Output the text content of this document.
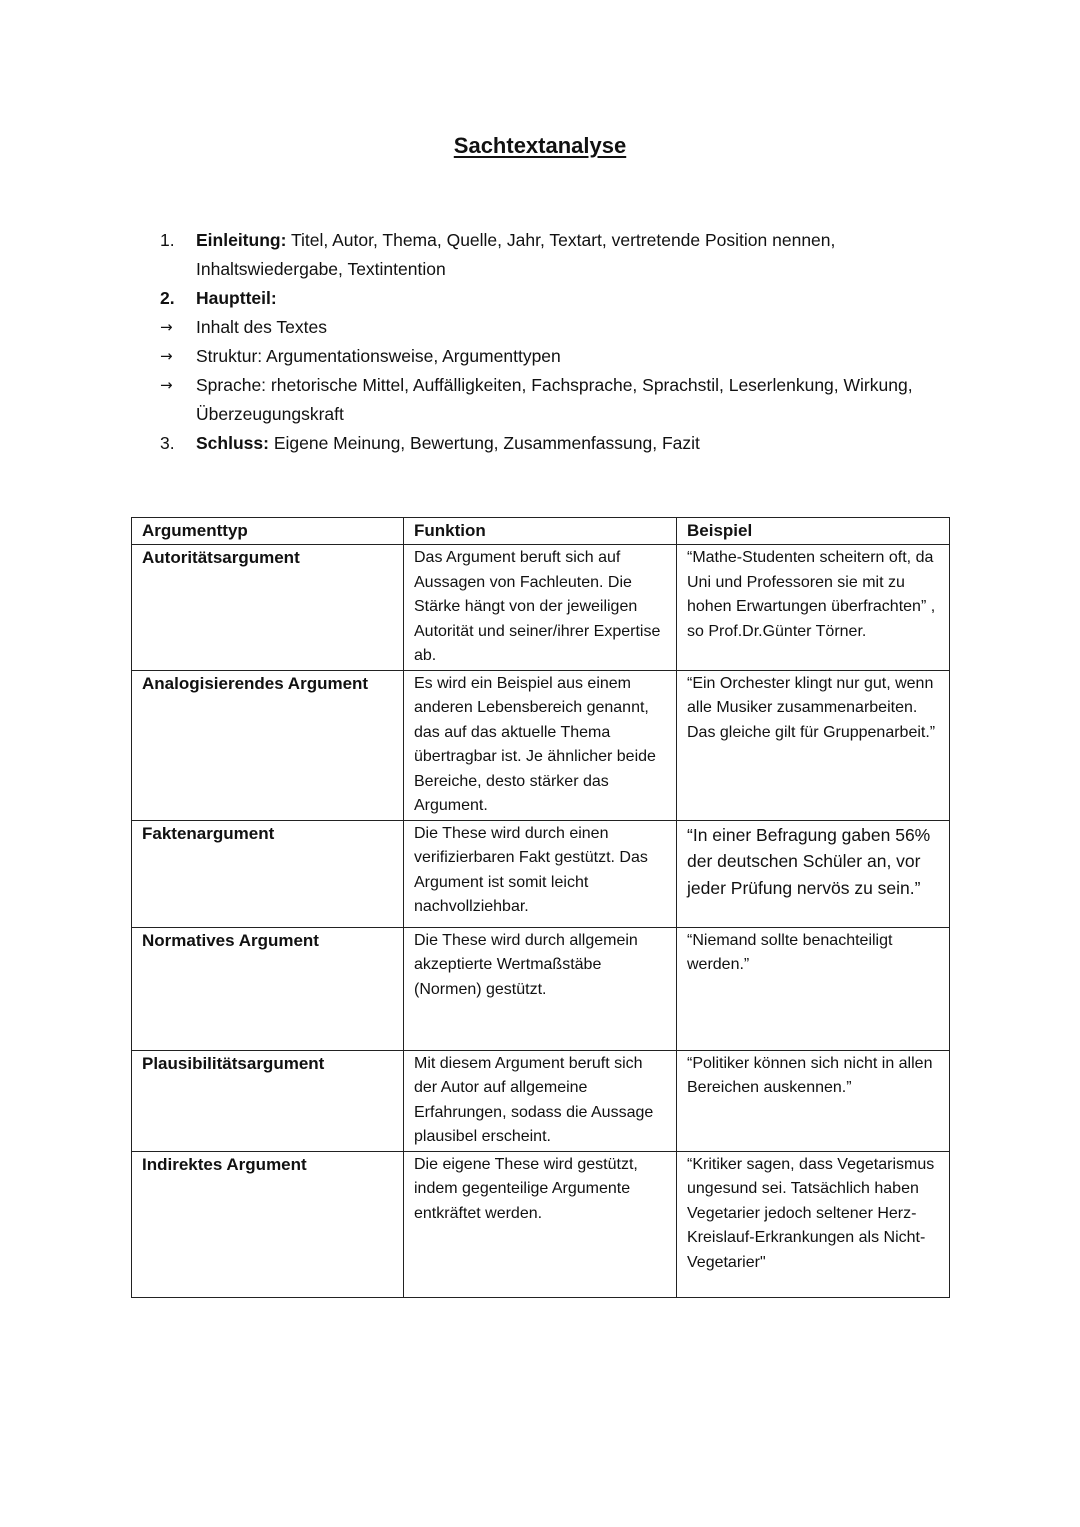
Sachtextanalyse
1.	Einleitung: Titel, Autor, Thema, Quelle, Jahr, Textart, vertretende Position nennen, Inhaltswiedergabe, Textintention
2.	Hauptteil:
→	Inhalt des Textes
→	Struktur: Argumentationsweise, Argumenttypen
→	Sprache: rhetorische Mittel, Auffälligkeiten, Fachsprache, Sprachstil, Leserlenkung, Wirkung, Überzeugungskraft
3.	Schluss: Eigene Meinung, Bewertung, Zusammenfassung, Fazit
Argumenttyp	Funktion	Beispiel
Autoritätsargument	Das Argument beruft sich auf Aussagen von Fachleuten. Die Stärke hängt von der jeweiligen Autorität und seiner/ihrer Expertise ab.	“Mathe-Studenten scheitern oft, da Uni und Professoren sie mit zu hohen Erwartungen überfrachten” , so Prof.Dr.Günter Törner.
Analogisierendes Argument	Es wird ein Beispiel aus einem anderen Lebensbereich genannt, das auf das aktuelle Thema übertragbar ist. Je ähnlicher beide Bereiche, desto stärker das Argument.	“Ein Orchester klingt nur gut, wenn alle Musiker zusammenarbeiten. Das gleiche gilt für Gruppenarbeit.”
Faktenargument	Die These wird durch einen verifizierbaren Fakt gestützt. Das Argument ist somit leicht nachvollziehbar.	“In einer Befragung gaben 56% der deutschen Schüler an, vor jeder Prüfung nervös zu sein.”
Normatives Argument	Die These wird durch allgemein akzeptierte Wertmaßstäbe (Normen) gestützt.	“Niemand sollte benachteiligt werden.”
Plausibilitätsargument	Mit diesem Argument beruft sich der Autor auf allgemeine Erfahrungen, sodass die Aussage plausibel erscheint.	“Politiker können sich nicht in allen Bereichen auskennen.”
Indirektes Argument	Die eigene These wird gestützt, indem gegenteilige Argumente entkräftet werden.	“Kritiker sagen, dass Vegetarismus ungesund sei. Tatsächlich haben Vegetarier jedoch seltener Herz-Kreislauf-Erkrankungen als Nicht-Vegetarier"
